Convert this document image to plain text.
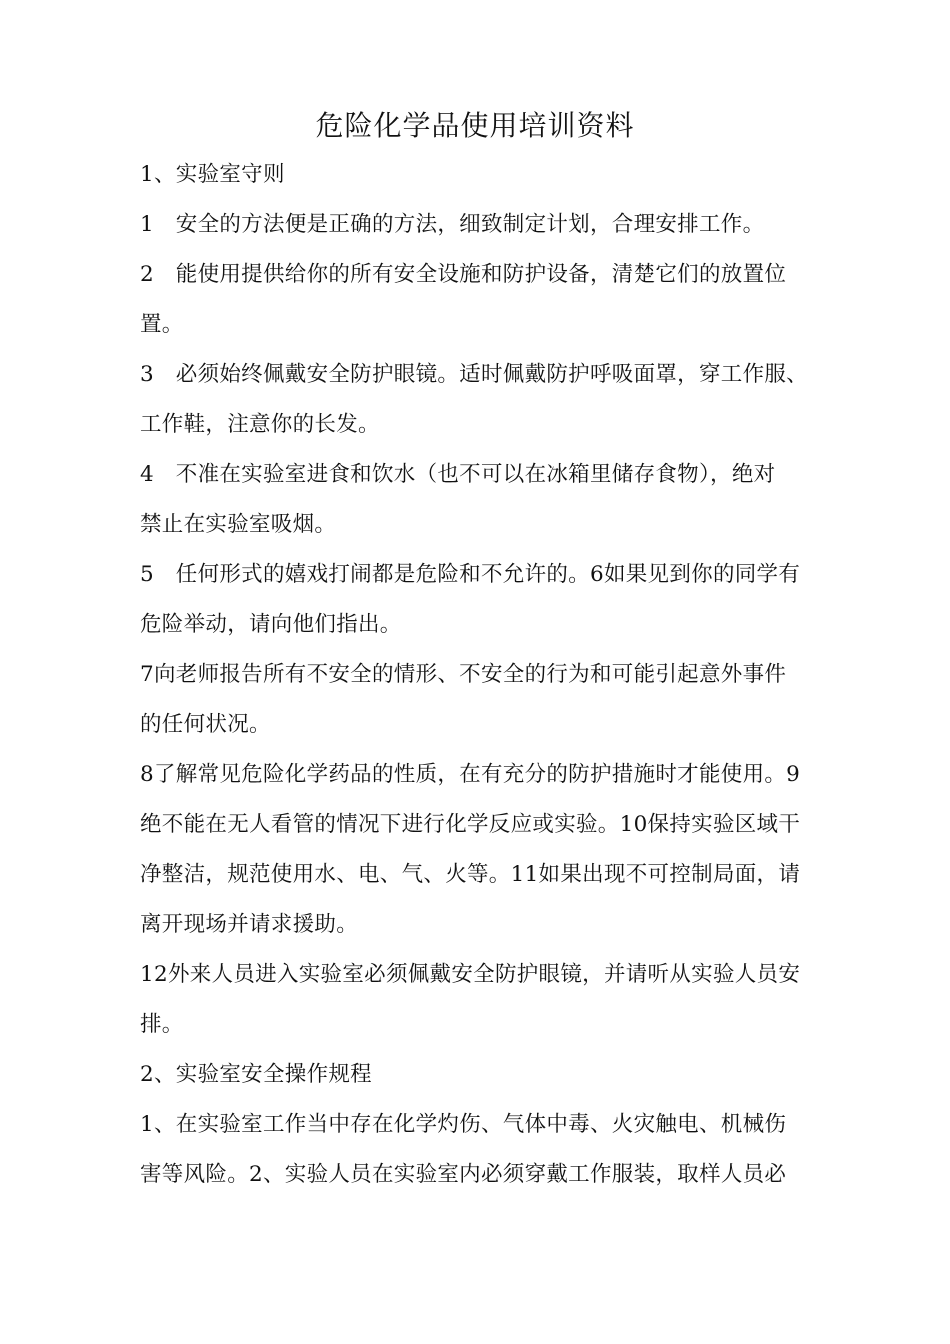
危险化学品使用培训资料
1、实验室守则
1　安全的方法便是正确的方法，细致制定计划，合理安排工作。
2　能使用提供给你的所有安全设施和防护设备，清楚它们的放置位
置。
3　必须始终佩戴安全防护眼镜。适时佩戴防护呼吸面罩，穿工作服、
工作鞋，注意你的长发。
4　不准在实验室进食和饮水（也不可以在冰箱里储存食物），绝对
禁止在实验室吸烟。
5　任何形式的嬉戏打闹都是危险和不允许的。6如果见到你的同学有
危险举动，请向他们指出。
7向老师报告所有不安全的情形、不安全的行为和可能引起意外事件
的任何状况。
8了解常见危险化学药品的性质，在有充分的防护措施时才能使用。9
绝不能在无人看管的情况下进行化学反应或实验。10保持实验区域干
净整洁，规范使用水、电、气、火等。11如果出现不可控制局面，请
离开现场并请求援助。
12外来人员进入实验室必须佩戴安全防护眼镜，并请听从实验人员安
排。
2、实验室安全操作规程
1、在实验室工作当中存在化学灼伤、气体中毒、火灾触电、机械伤
害等风险。2、实验人员在实验室内必须穿戴工作服装，取样人员必
